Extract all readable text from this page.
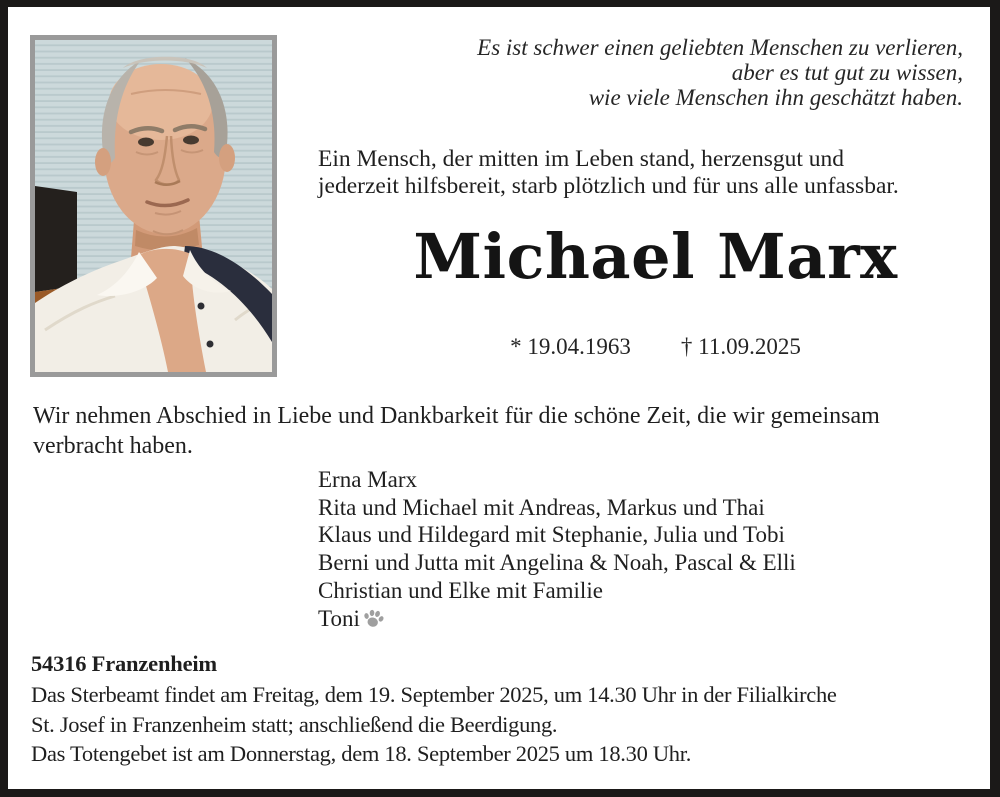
Es ist schwer einen geliebten Menschen zu verlieren,
aber es tut gut zu wissen,
wie viele Menschen ihn geschätzt haben.
Ein Mensch, der mitten im Leben stand, herzensgut und
jederzeit hilfsbereit, starb plötzlich und für uns alle unfassbar.
Michael Marx
* 19.04.1963 † 11.09.2025
Wir nehmen Abschied in Liebe und Dankbarkeit für die schöne Zeit, die wir gemeinsam
verbracht haben.
Erna Marx
Rita und Michael mit Andreas, Markus und Thai
Klaus und Hildegard mit Stephanie, Julia und Tobi
Berni und Jutta mit Angelina & Noah, Pascal & Elli
Christian und Elke mit Familie
Toni
54316 Franzenheim
Das Sterbeamt findet am Freitag, dem 19. September 2025, um 14.30 Uhr in der Filialkirche
St. Josef in Franzenheim statt; anschließend die Beerdigung.
Das Totengebet ist am Donnerstag, dem 18. September 2025 um 18.30 Uhr.
